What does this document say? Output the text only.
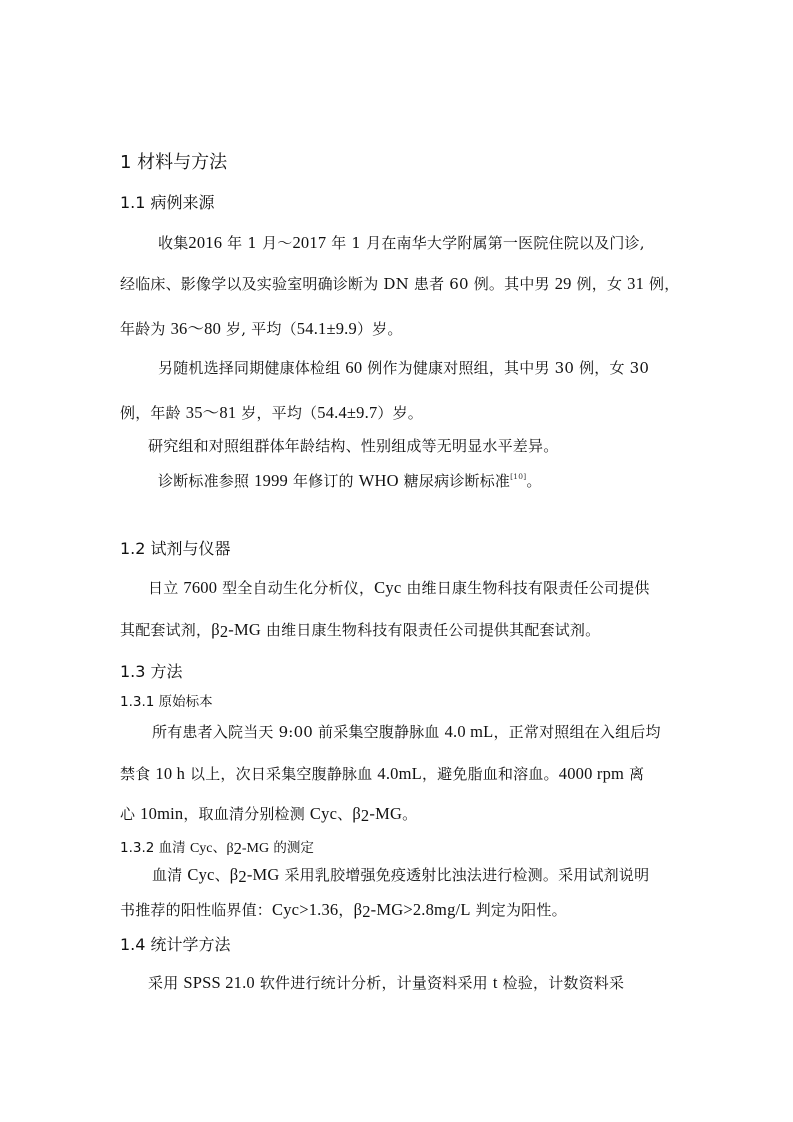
1 材料与方法
1.1 病例来源
收集2016 年 1 月～2017 年 1 月在南华大学附属第一医院住院以及门诊,
经临床、影像学以及实验室明确诊断为 DN 患者 60 例。其中男 29 例，女 31 例，
年龄为 36～80 岁, 平均（54.1±9.9）岁。
另随机选择同期健康体检组 60 例作为健康对照组，其中男 30 例，女 30
例，年龄 35～81 岁，平均（54.4±9.7）岁。
研究组和对照组群体年龄结构、性别组成等无明显水平差异。
诊断标准参照 1999 年修订的 WHO 糖尿病诊断标准[10]。
1.2 试剂与仪器
日立 7600 型全自动生化分析仪，Cyc 由维日康生物科技有限责任公司提供
其配套试剂，$\beta_2-MG$ 由维日康生物科技有限责任公司提供其配套试剂。
1.3 方法
1.3.1 原始标本
所有患者入院当天 9:00 前采集空腹静脉血 4.0 mL，正常对照组在入组后均
禁食 10 h 以上，次日采集空腹静脉血 4.0mL，避免脂血和溶血。4000 rpm 离
心 10min，取血清分别检测 Cyc、$\beta_2-MG$。
1.3.2 血清 Cyc、$\beta_2-MG$ 的测定
血清 Cyc、$\beta_2-MG$ 采用乳胶增强免疫透射比浊法进行检测。采用试剂说明
书推荐的阳性临界值：Cyc>1.36，$\beta_2-MG>2.8mg/L$ 判定为阳性。
1.4 统计学方法
采用 SPSS 21.0 软件进行统计分析，计量资料采用 t 检验，计数资料采
